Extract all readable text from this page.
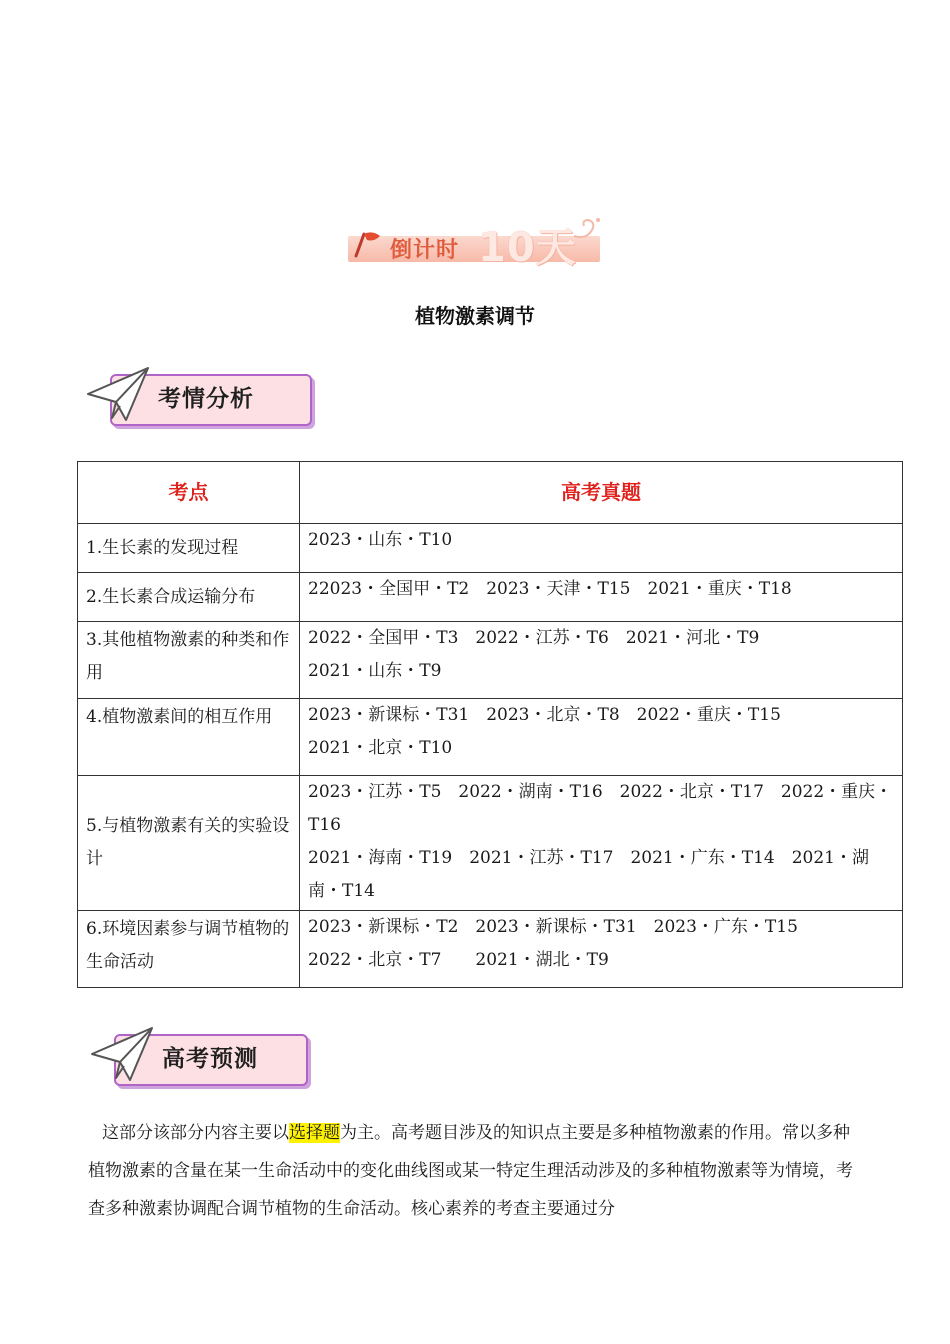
倒计时 10天
植物激素调节
考情分析
考点	高考真题
1.生长素的发现过程	2023・山东・T10

2.生长素合成运输分布	22023・全国甲・T2　2023・天津・T15　2021・重庆・T18

3.其他植物激素的种类和作用	2022・全国甲・T3　2022・江苏・T6　2021・河北・T9
2021・山东・T9

4.植物激素间的相互作用	2023・新课标・T31　2023・北京・T8　2022・重庆・T15
2021・北京・T10

5.与植物激素有关的实验设计	2023・江苏・T5　2022・湖南・T16　2022・北京・T17　2022・重庆・T16
2021・海南・T19　2021・江苏・T17　2021・广东・T14　2021・湖南・T14

6.环境因素参与调节植物的生命活动	2023・新课标・T2　2023・新课标・T31　2023・广东・T15
2022・北京・T7　　2021・湖北・T9
高考预测
这部分该部分内容主要以选择题为主。高考题目涉及的知识点主要是多种植物激素的作用。常以多种植物激素的含量在某一生命活动中的变化曲线图或某一特定生理活动涉及的多种植物激素等为情境，考查多种激素协调配合调节植物的生命活动。核心素养的考查主要通过分
